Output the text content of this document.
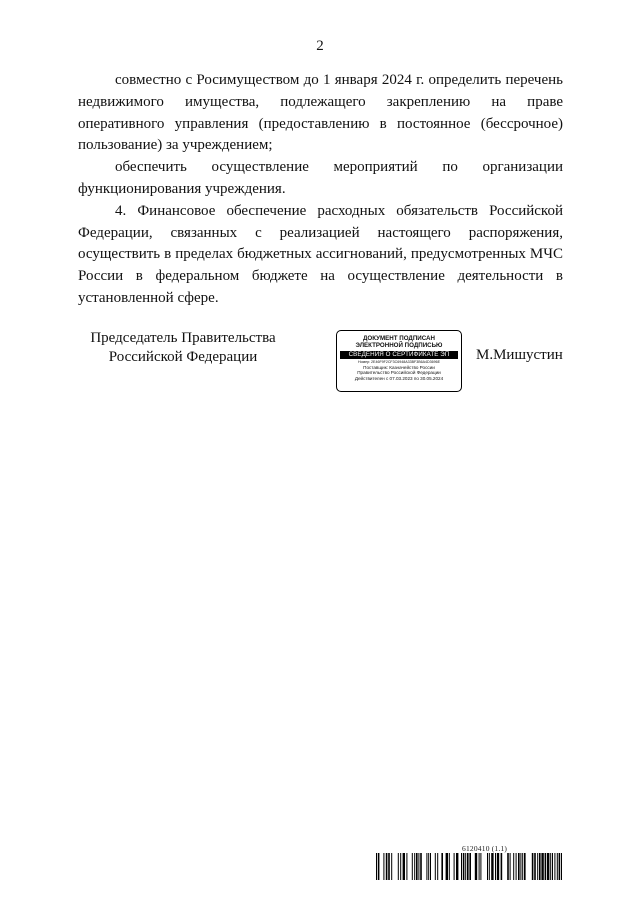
2

совместно с Росимуществом до 1 января 2024 г. определить перечень недвижимого имущества, подлежащего закреплению на праве оперативного управления (предоставлению в постоянное (бессрочное) пользование) за учреждением;

обеспечить осуществление мероприятий по организации функционирования учреждения.

4. Финансовое обеспечение расходных обязательств Российской Федерации, связанных с реализацией настоящего распоряжения, осуществить в пределах бюджетных ассигнований, предусмотренных МЧС России в федеральном бюджете на осуществление деятельности в установленной сфере.

Председатель Правительства
Российской Федерации
ДОКУМЕНТ ПОДПИСАН
ЭЛЕКТРОННОЙ ПОДПИСЬЮ
СВЕДЕНИЯ О СЕРТИФИКАТЕ ЭП
Номер: 2E46F9F2CF3C6948A33BF3B6A4D3696E
Поставщик: Казначейство России
Правительство Российской Федерации
Действителен с 07.03.2023 по 30.05.2024
М.Мишустин
6120410 (1.1)
